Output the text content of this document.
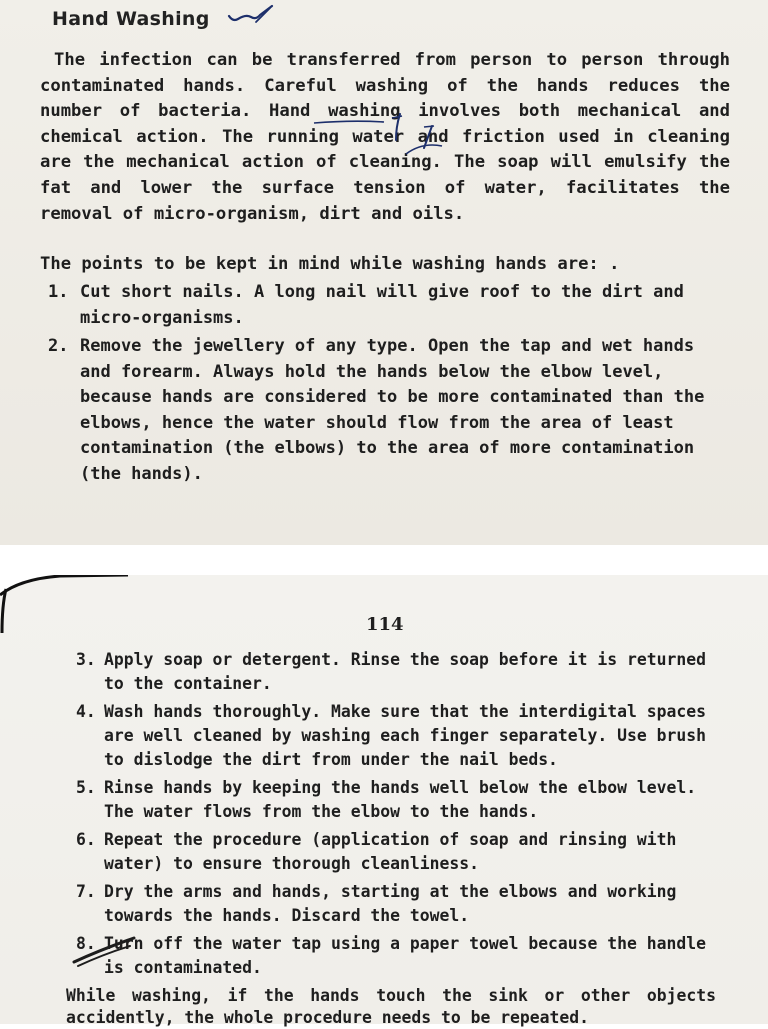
Hand Washing

The infection can be transferred from person to person through contaminated hands. Careful washing of the hands reduces the number of bacteria. Hand washing involves both mechanical and chemical action. The running water and friction used in cleaning are the mechanical action of cleaning. The soap will emulsify the fat and lower the surface tension of water, facilitates the removal of micro-organism, dirt and oils.

The points to be kept in mind while washing hands are: .

1. Cut short nails. A long nail will give roof to the dirt and micro-organisms.
2. Remove the jewellery of any type. Open the tap and wet hands and forearm. Always hold the hands below the elbow level, because hands are considered to be more contaminated than the elbows, hence the water should flow from the area of least contamination (the elbows) to the area of more contamination (the hands).
114
3. Apply soap or detergent. Rinse the soap before it is returned to the container.
4. Wash hands thoroughly. Make sure that the interdigital spaces are well cleaned by washing each finger separately. Use brush to dislodge the dirt from under the nail beds.
5. Rinse hands by keeping the hands well below the elbow level. The water flows from the elbow to the hands.
6. Repeat the procedure (application of soap and rinsing with water) to ensure thorough cleanliness.
7. Dry the arms and hands, starting at the elbows and working towards the hands. Discard the towel.
8. Turn off the water tap using a paper towel because the handle is contaminated.

While washing, if the hands touch the sink or other objects accidently, the whole procedure needs to be repeated.
